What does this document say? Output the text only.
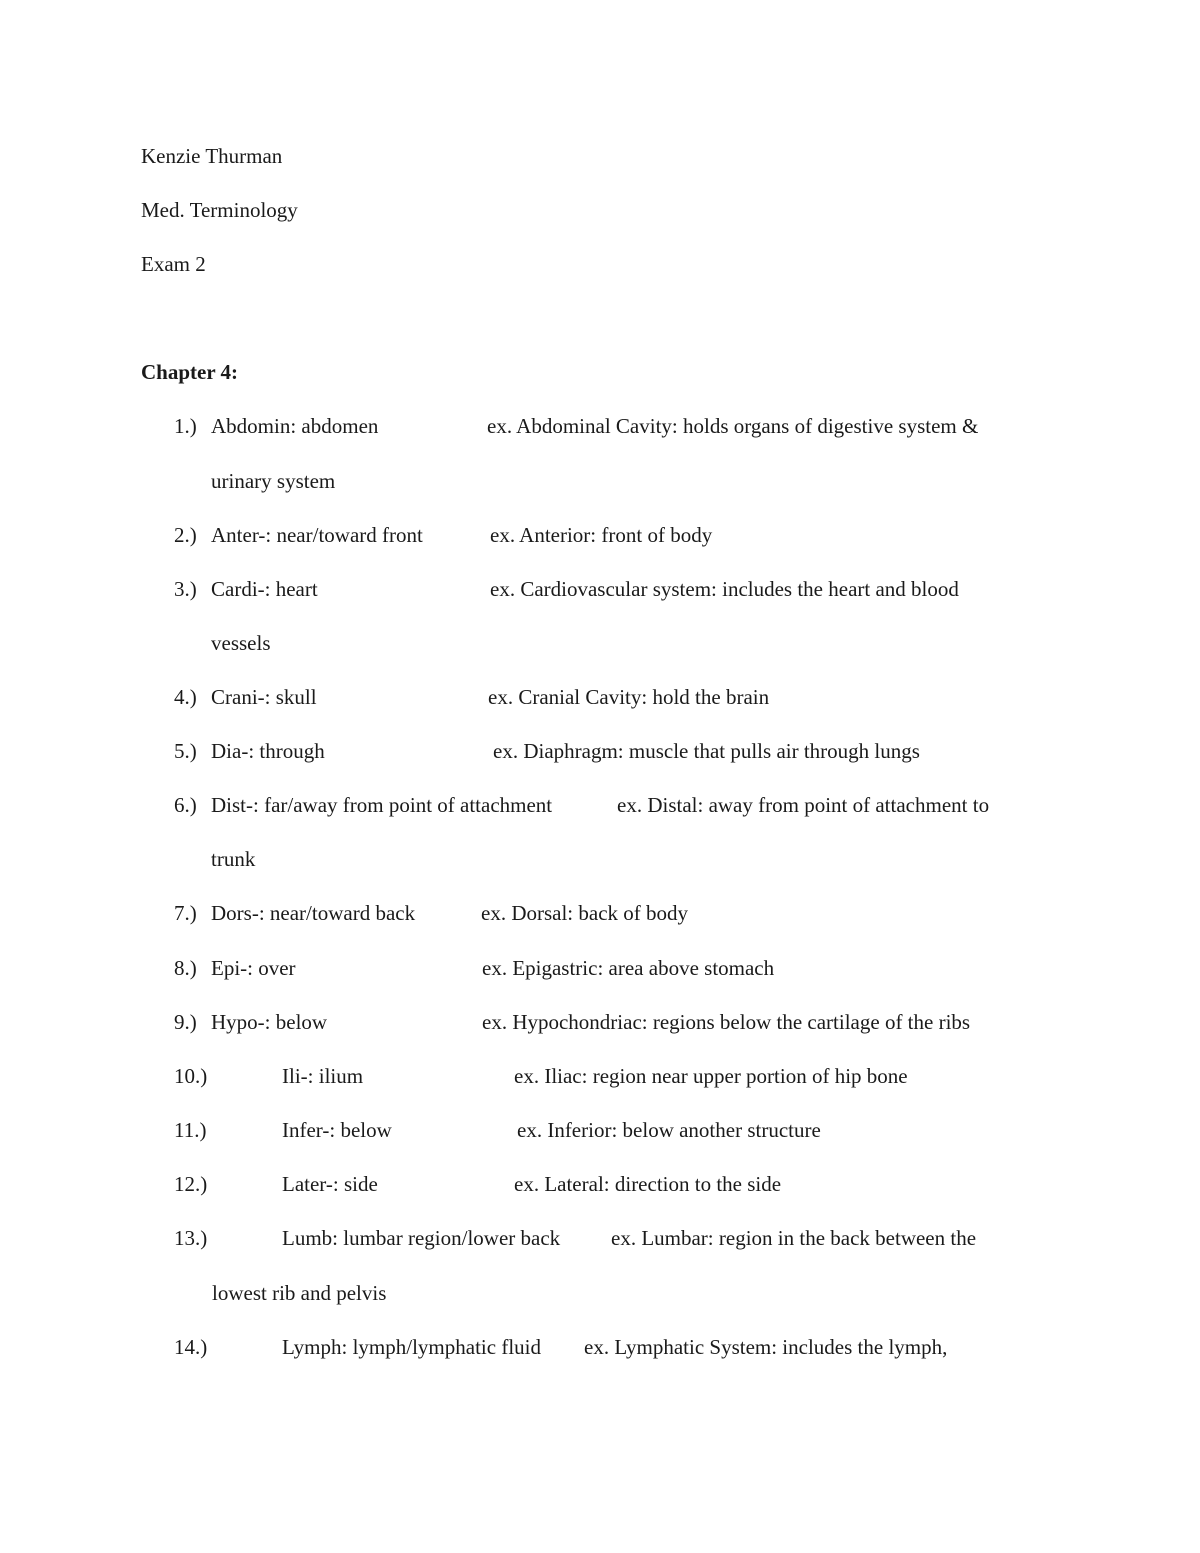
Kenzie Thurman
Med. Terminology
Exam 2
Chapter 4:
1.) Abdomin: abdomen	ex. Abdominal Cavity: holds organs of digestive system &
urinary system
2.) Anter-: near/toward front	ex. Anterior: front of body
3.) Cardi-: heart	ex. Cardiovascular system: includes the heart and blood
vessels
4.) Crani-: skull	ex. Cranial Cavity: hold the brain
5.) Dia-: through	ex. Diaphragm: muscle that pulls air through lungs
6.) Dist-: far/away from point of attachment	ex. Distal: away from point of attachment to
trunk
7.) Dors-: near/toward back	ex. Dorsal: back of body
8.) Epi-: over	ex. Epigastric: area above stomach
9.) Hypo-: below	ex. Hypochondriac: regions below the cartilage of the ribs
10.)	Ili-: ilium	ex. Iliac: region near upper portion of hip bone
11.)	Infer-: below	ex. Inferior: below another structure
12.)	Later-: side	ex. Lateral: direction to the side
13.)	Lumb: lumbar region/lower back ex. Lumbar: region in the back between the
lowest rib and pelvis
14.)	Lymph: lymph/lymphatic fluid ex. Lymphatic System: includes the lymph,
